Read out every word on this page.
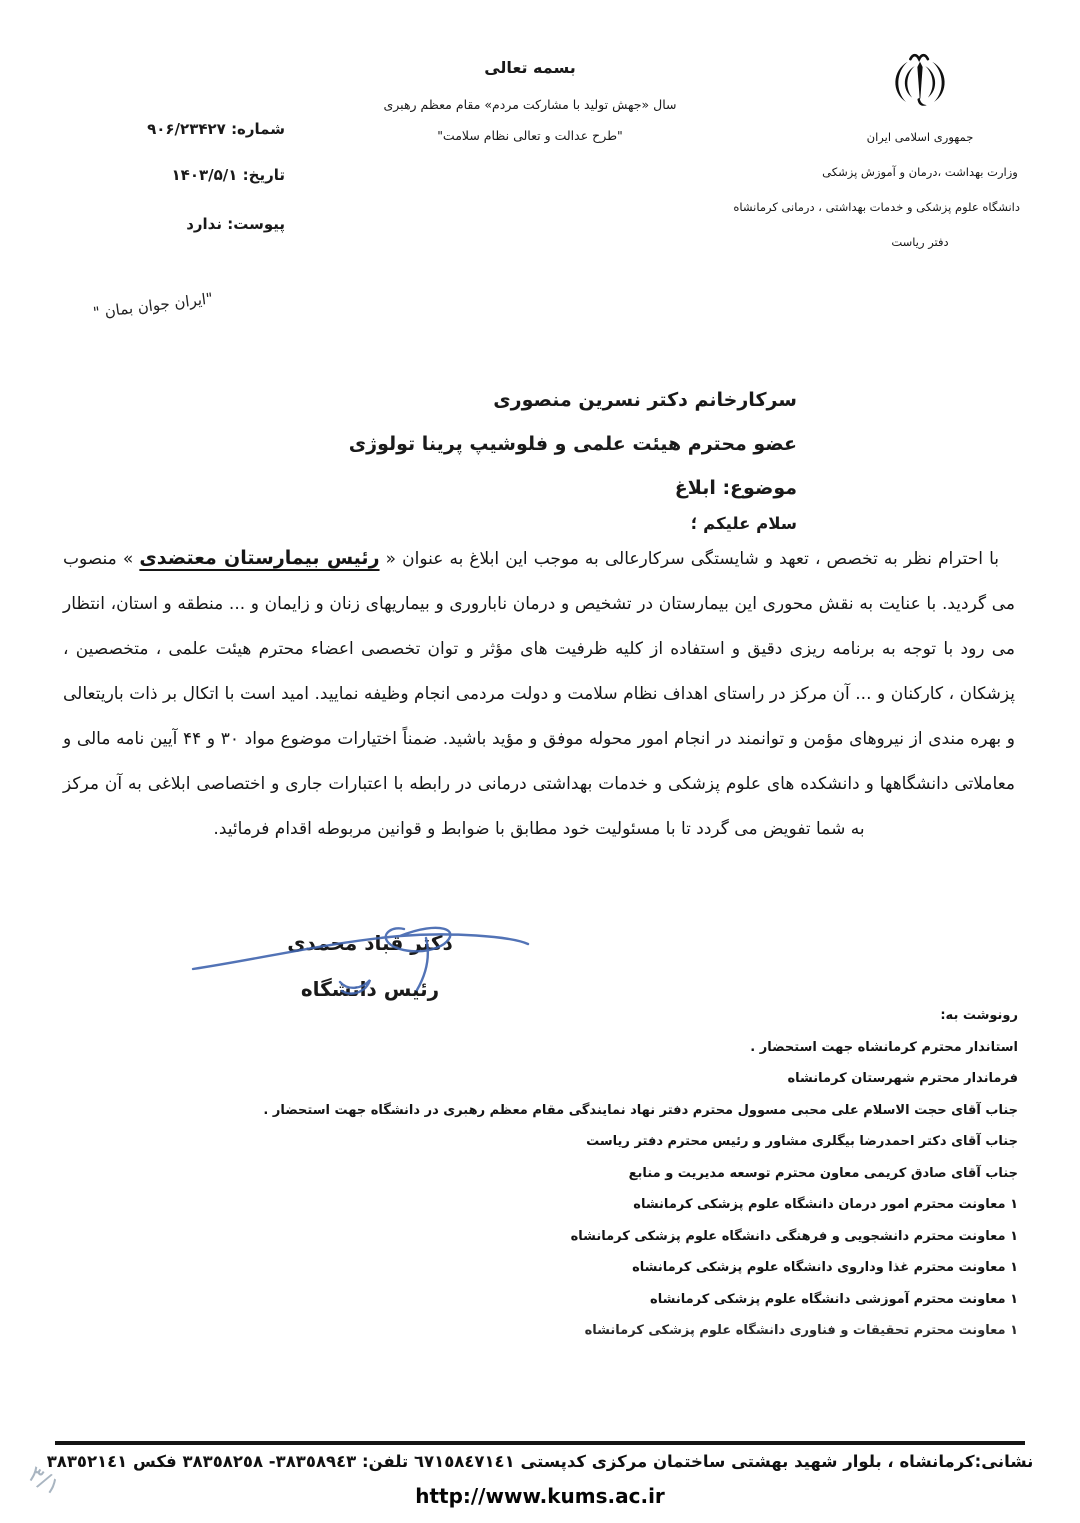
جمهوری اسلامی ایران
وزارت بهداشت ،درمان و آموزش پزشکی
دانشگاه علوم پزشکی و خدمات بهداشتی ، درمانی کرمانشاه
دفتر ریاست
بسمه تعالی
سال «جهش تولید با مشارکت مردم» مقام معظم رهبری
"طرح عدالت و تعالی نظام سلامت"
شماره: ۹۰۶/۲۳۴۲۷
تاریخ: ۱۴۰۳/۵/۱
پیوست: ندارد
"ایران جوان بمان "
سرکارخانم دکتر نسرین منصوری
عضو محترم هیئت علمی و فلوشیپ پرینا تولوژی
موضوع: ابلاغ
سلام علیکم ؛

با احترام نظر به تخصص ، تعهد و شایستگی سرکارعالی به موجب این ابلاغ به عنوان « رئیس بیمارستان معتضدی » منصوب می گردید. با عنایت به نقش محوری این بیمارستان در تشخیص و درمان ناباروری و بیماریهای زنان و زایمان و ... منطقه و استان، انتظار می رود با توجه به برنامه ریزی دقیق و استفاده از کلیه ظرفیت های مؤثر و توان تخصصی اعضاء محترم هیئت علمی ، متخصصین ، پزشکان ، کارکنان و ... آن مرکز در راستای اهداف نظام سلامت و دولت مردمی انجام وظیفه نمایید. امید است با اتکال بر ذات باریتعالی و بهره مندی از نیروهای مؤمن و توانمند در انجام امور محوله موفق و مؤید باشید. ضمناً اختیارات موضوع مواد ۳۰ و ۴۴ آیین نامه مالی و معاملاتی دانشگاهها و دانشکده های علوم پزشکی و خدمات بهداشتی درمانی در رابطه با اعتبارات جاری و اختصاصی ابلاغی به آن مرکز به شما تفویض می گردد تا با مسئولیت خود مطابق با ضوابط و قوانین مربوطه اقدام فرمائید.

دکتر قباد محمدی
رئیس دانشگاه
رونوشت به:
استاندار محترم کرمانشاه جهت استحضار .
فرماندار محترم شهرستان کرمانشاه
جناب آقای حجت الاسلام علی محبی مسوول محترم دفتر نهاد نمایندگی مقام معظم رهبری در دانشگاه جهت استحضار .
جناب آقای دکتر احمدرضا بیگلری مشاور و رئیس محترم دفتر ریاست
جناب آقای صادق کریمی معاون محترم توسعه مدیریت و منابع
۱ معاونت محترم امور درمان دانشگاه علوم پزشکی کرمانشاه
۱ معاونت محترم دانشجویی و فرهنگی دانشگاه علوم پزشکی کرمانشاه
۱ معاونت محترم غذا وداروی دانشگاه علوم پزشکی کرمانشاه
۱ معاونت محترم آموزشی دانشگاه علوم پزشکی کرمانشاه
۱ معاونت محترم تحقیقات و فناوری دانشگاه علوم پزشکی کرمانشاه
نشانی:کرمانشاه ، بلوار شهید بهشتی ساختمان مرکزی کدپستی ٦٧١٥٨٤٧١٤١ تلفن: ٣٨٣٥٨٩٤٣- ٣٨٣٥٨٢٥٨ فکس ٣٨٣٥٢١٤١
http://www.kums.ac.ir
۳/۱
